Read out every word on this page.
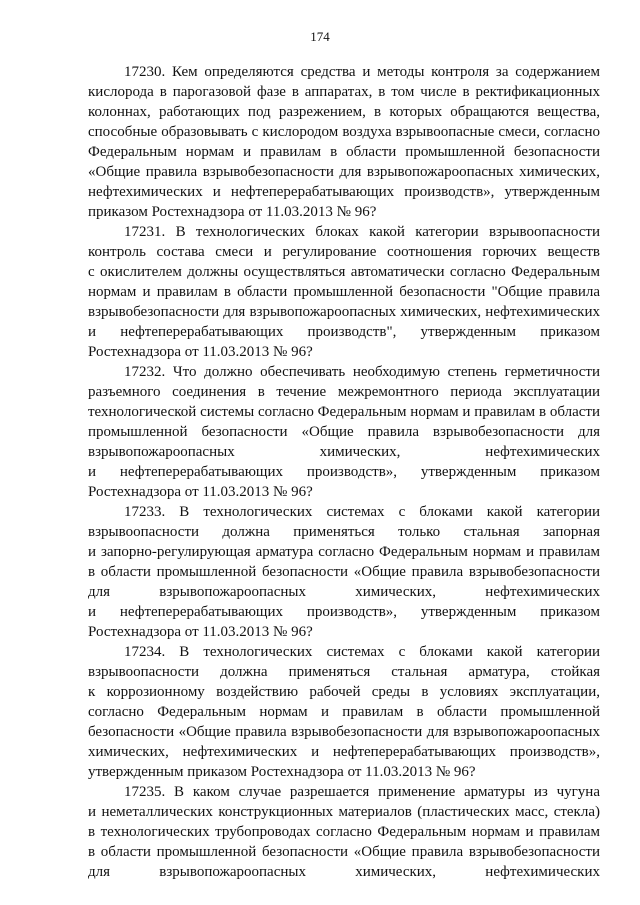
174
17230. Кем определяются средства и методы контроля за содержанием
кислорода в парогазовой фазе в аппаратах, в том числе в ректификационных
колоннах, работающих под разрежением, в которых обращаются вещества,
способные образовывать с кислородом воздуха взрывоопасные смеси, согласно
Федеральным нормам и правилам в области промышленной безопасности
«Общие правила взрывобезопасности для взрывопожароопасных химических,
нефтехимических и нефтеперерабатывающих производств», утвержденным
приказом Ростехнадзора от 11.03.2013 № 96?
17231. В технологических блоках какой категории взрывоопасности
контроль состава смеси и регулирование соотношения горючих веществ
с окислителем должны осуществляться автоматически согласно Федеральным
нормам и правилам в области промышленной безопасности "Общие правила
взрывобезопасности для взрывопожароопасных химических, нефтехимических
и нефтеперерабатывающих производств", утвержденным приказом
Ростехнадзора от 11.03.2013 № 96?
17232. Что должно обеспечивать необходимую степень герметичности
разъемного соединения в течение межремонтного периода эксплуатации
технологической системы согласно Федеральным нормам и правилам в области
промышленной безопасности «Общие правила взрывобезопасности для
взрывопожароопасных химических, нефтехимических
и нефтеперерабатывающих производств», утвержденным приказом
Ростехнадзора от 11.03.2013 № 96?
17233. В технологических системах с блоками какой категории
взрывоопасности должна применяться только стальная запорная
и запорно-регулирующая арматура согласно Федеральным нормам и правилам
в области промышленной безопасности «Общие правила взрывобезопасности
для взрывопожароопасных химических, нефтехимических
и нефтеперерабатывающих производств», утвержденным приказом
Ростехнадзора от 11.03.2013 № 96?
17234. В технологических системах с блоками какой категории
взрывоопасности должна применяться стальная арматура, стойкая
к коррозионному воздействию рабочей среды в условиях эксплуатации,
согласно Федеральным нормам и правилам в области промышленной
безопасности «Общие правила взрывобезопасности для взрывопожароопасных
химических, нефтехимических и нефтеперерабатывающих производств»,
утвержденным приказом Ростехнадзора от 11.03.2013 № 96?
17235. В каком случае разрешается применение арматуры из чугуна
и неметаллических конструкционных материалов (пластических масс, стекла)
в технологических трубопроводах согласно Федеральным нормам и правилам
в области промышленной безопасности «Общие правила взрывобезопасности
для взрывопожароопасных химических, нефтехимических
